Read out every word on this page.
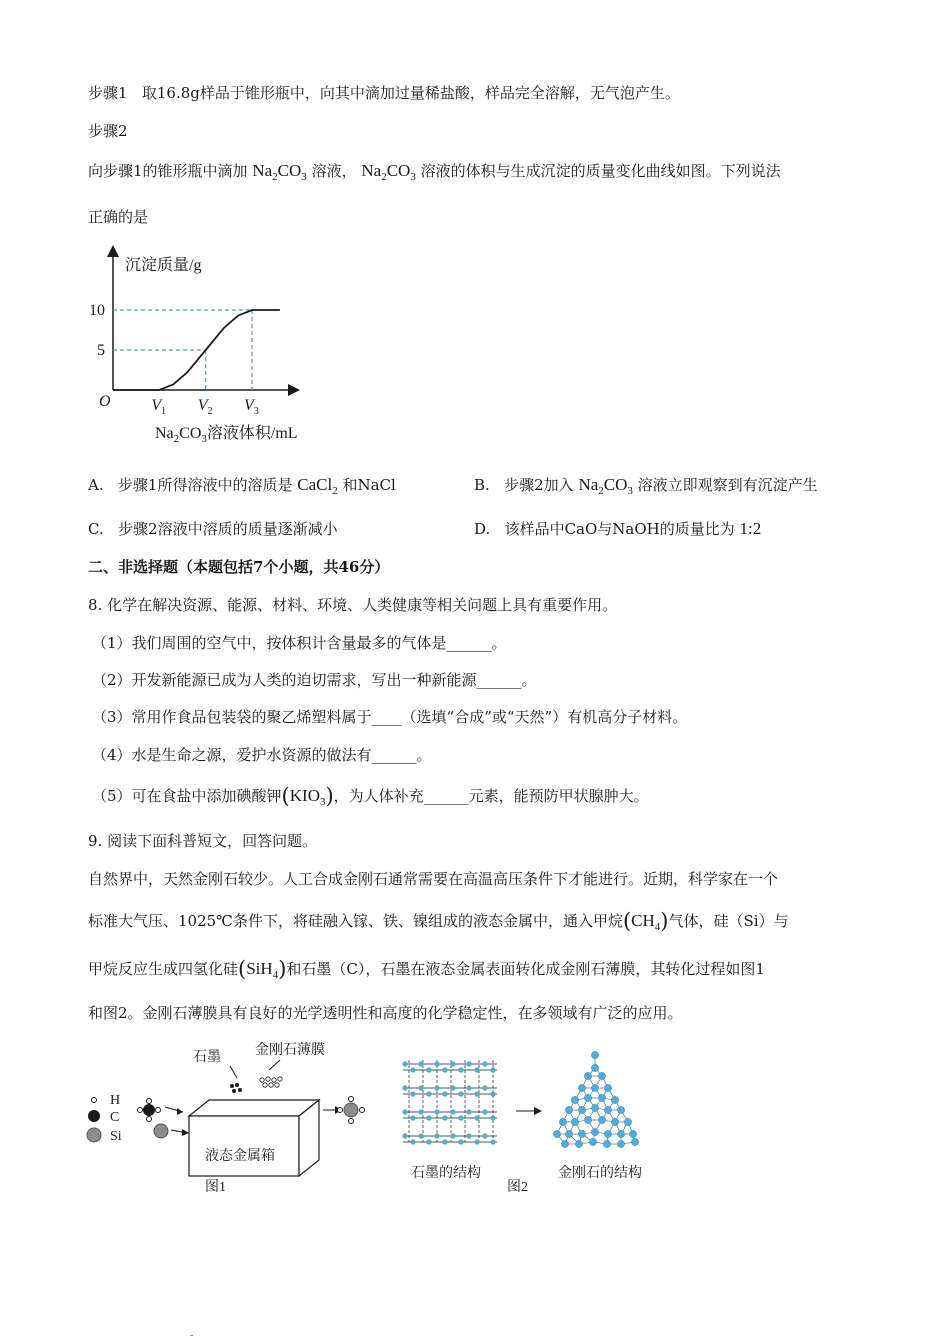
步骤1 取16.8g样品于锥形瓶中，向其中滴加过量稀盐酸，样品完全溶解，无气泡产生。
步骤2
向步骤1的锥形瓶中滴加 $Na_2CO_3$ 溶液， $Na_2CO_3$ 溶液的体积与生成沉淀的质量变化曲线如图。下列说法
正确的是
沉淀质量/g
O
5
10
$V_1$ $V_2$ $V_3$
$Na_2CO_3$溶液体积/mL
A. 步骤1所得溶液中的溶质是 CaCl$_2$ 和NaCl	B. 步骤2加入 $Na_2CO_3$ 溶液立即观察到有沉淀产生
C. 步骤2溶液中溶质的质量逐渐减小	D. 该样品中CaO与NaOH的质量比为 1:2
二、非选择题（本题包括7个小题，共46分）
8. 化学在解决资源、能源、材料、环境、人类健康等相关问题上具有重要作用。
（1）我们周围的空气中，按体积计含量最多的气体是______。
（2）开发新能源已成为人类的迫切需求，写出一种新能源______。
（3）常用作食品包装袋的聚乙烯塑料属于____（选填“合成”或“天然”）有机高分子材料。
（4）水是生命之源，爱护水资源的做法有______。
（5）可在食盐中添加碘酸钾$(KIO_3)$，为人体补充______元素，能预防甲状腺肿大。
9. 阅读下面科普短文，回答问题。
自然界中，天然金刚石较少。人工合成金刚石通常需要在高温高压条件下才能进行。近期，科学家在一个
标准大气压、1025℃条件下，将硅融入镓、铁、镍组成的液态金属中，通入甲烷$(CH_4)$气体，硅（Si）与
甲烷反应生成四氢化硅(SiH$_4$)和石墨（C），石墨在液态金属表面转化成金刚石薄膜，其转化过程如图1
和图2。金刚石薄膜具有良好的光学透明性和高度的化学稳定性，在多领域有广泛的应用。
石墨 金刚石薄膜
H
C
Si
液态金属箱
图1
石墨的结构
图2
金刚石的结构
